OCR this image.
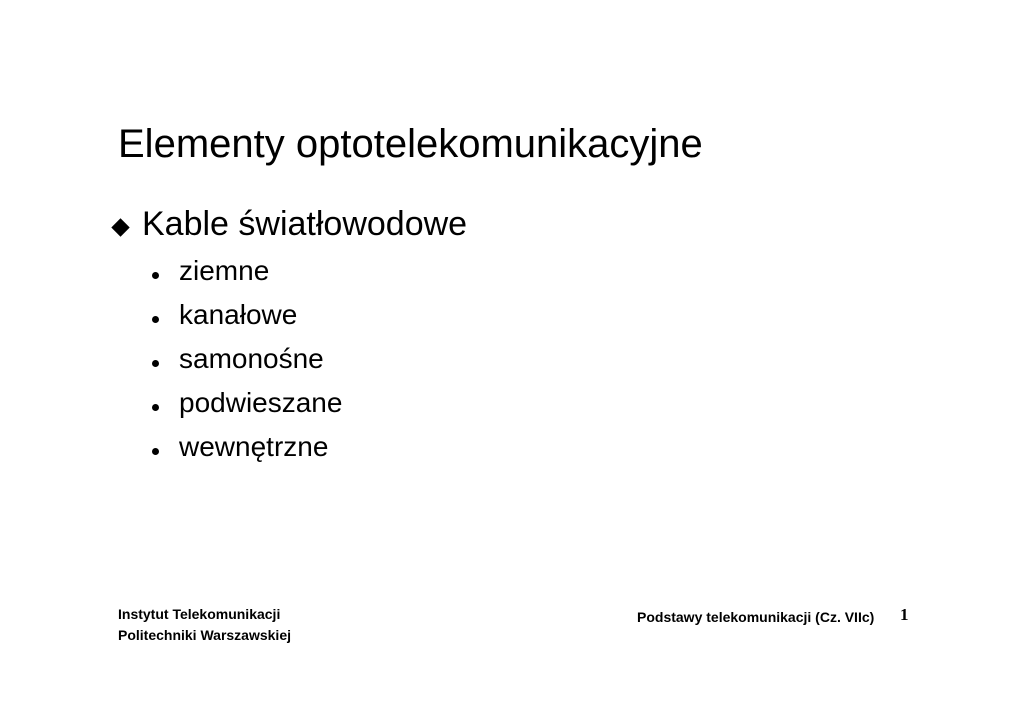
Elementy optotelekomunikacyjne
Kable światłowodowe
ziemne
kanałowe
samonośne
podwieszane
wewnętrzne
Instytut Telekomunikacji
Politechniki Warszawskiej
Podstawy telekomunikacji (Cz. VIIc) 1
